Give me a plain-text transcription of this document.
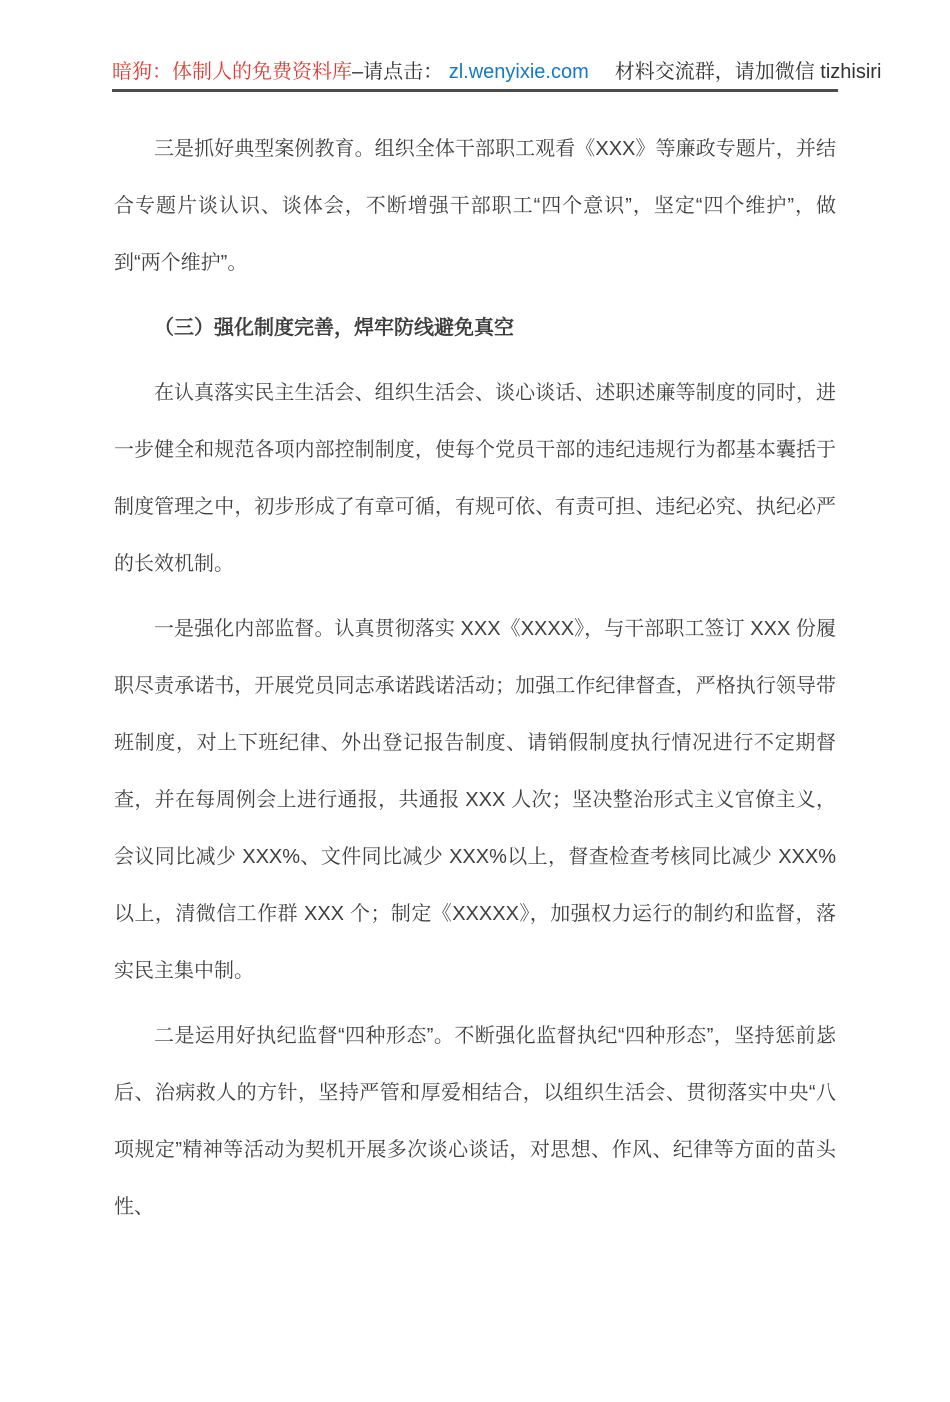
暗狗：体制人的免费资料库–请点击： zl.wenyixie.com 材料交流群，请加微信 tizhisiri

三是抓好典型案例教育。组织全体干部职工观看《XXX》等廉政专题片，并结合专题片谈认识、谈体会，不断增强干部职工“四个意识”，坚定“四个维护”，做到“两个维护”。

（三）强化制度完善，焊牢防线避免真空

在认真落实民主生活会、组织生活会、谈心谈话、述职述廉等制度的同时，进一步健全和规范各项内部控制制度，使每个党员干部的违纪违规行为都基本囊括于制度管理之中，初步形成了有章可循，有规可依、有责可担、违纪必究、执纪必严的长效机制。

一是强化内部监督。认真贯彻落实 XXX《XXXX》，与干部职工签订 XXX 份履职尽责承诺书，开展党员同志承诺践诺活动；加强工作纪律督查，严格执行领导带班制度，对上下班纪律、外出登记报告制度、请销假制度执行情况进行不定期督查，并在每周例会上进行通报，共通报 XXX 人次；坚决整治形式主义官僚主义，会议同比减少 XXX%、文件同比减少 XXX%以上，督查检查考核同比减少 XXX%以上，清微信工作群 XXX 个；制定《XXXXX》，加强权力运行的制约和监督，落实民主集中制。

二是运用好执纪监督“四种形态”。不断强化监督执纪“四种形态”，坚持惩前毖后、治病救人的方针，坚持严管和厚爱相结合，以组织生活会、贯彻落实中央“八项规定”精神等活动为契机开展多次谈心谈话，对思想、作风、纪律等方面的苗头性、
